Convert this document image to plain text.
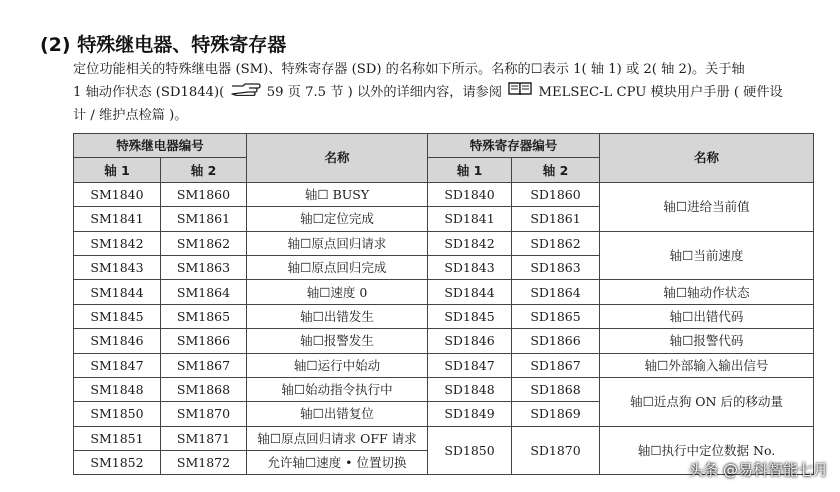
(2) 特殊继电器、特殊寄存器
定位功能相关的特殊继电器 (SM)、特殊寄存器 (SD) 的名称如下所示。名称的☐表示 1( 轴 1) 或 2( 轴 2)。关于轴
1 轴动作状态 (SD1844)(	59 页 7.5 节 ) 以外的详细内容，请参阅	MELSEC-L CPU 模块用户手册 ( 硬件设
计 / 维护点检篇 )。
特殊继电器编号		名称	特殊寄存器编号		名称
轴 1	轴 2		轴 1	轴 2	
SM1840	SM1860	轴☐ BUSY	SD1840	SD1860	轴☐进给当前值
SM1841	SM1861	轴☐定位完成	SD1841	SD1861	
SM1842	SM1862	轴☐原点回归请求	SD1842	SD1862	轴☐当前速度
SM1843	SM1863	轴☐原点回归完成	SD1843	SD1863	
SM1844	SM1864	轴☐速度 0	SD1844	SD1864	轴☐轴动作状态
SM1845	SM1865	轴☐出错发生	SD1845	SD1865	轴☐出错代码
SM1846	SM1866	轴☐报警发生	SD1846	SD1866	轴☐报警代码
SM1847	SM1867	轴☐运行中始动	SD1847	SD1867	轴☐外部输入输出信号
SM1848	SM1868	轴☐始动指令执行中	SD1848	SD1868	轴☐近点狗 ON 后的移动量
SM1850	SM1870	轴☐出错复位	SD1849	SD1869	
SM1851	SM1871	轴☐原点回归请求 OFF 请求	SD1850	SD1870	轴☐执行中定位数据 No.
SM1852	SM1872	允许轴☐速度 • 位置切换				头条 @易科智能七月
